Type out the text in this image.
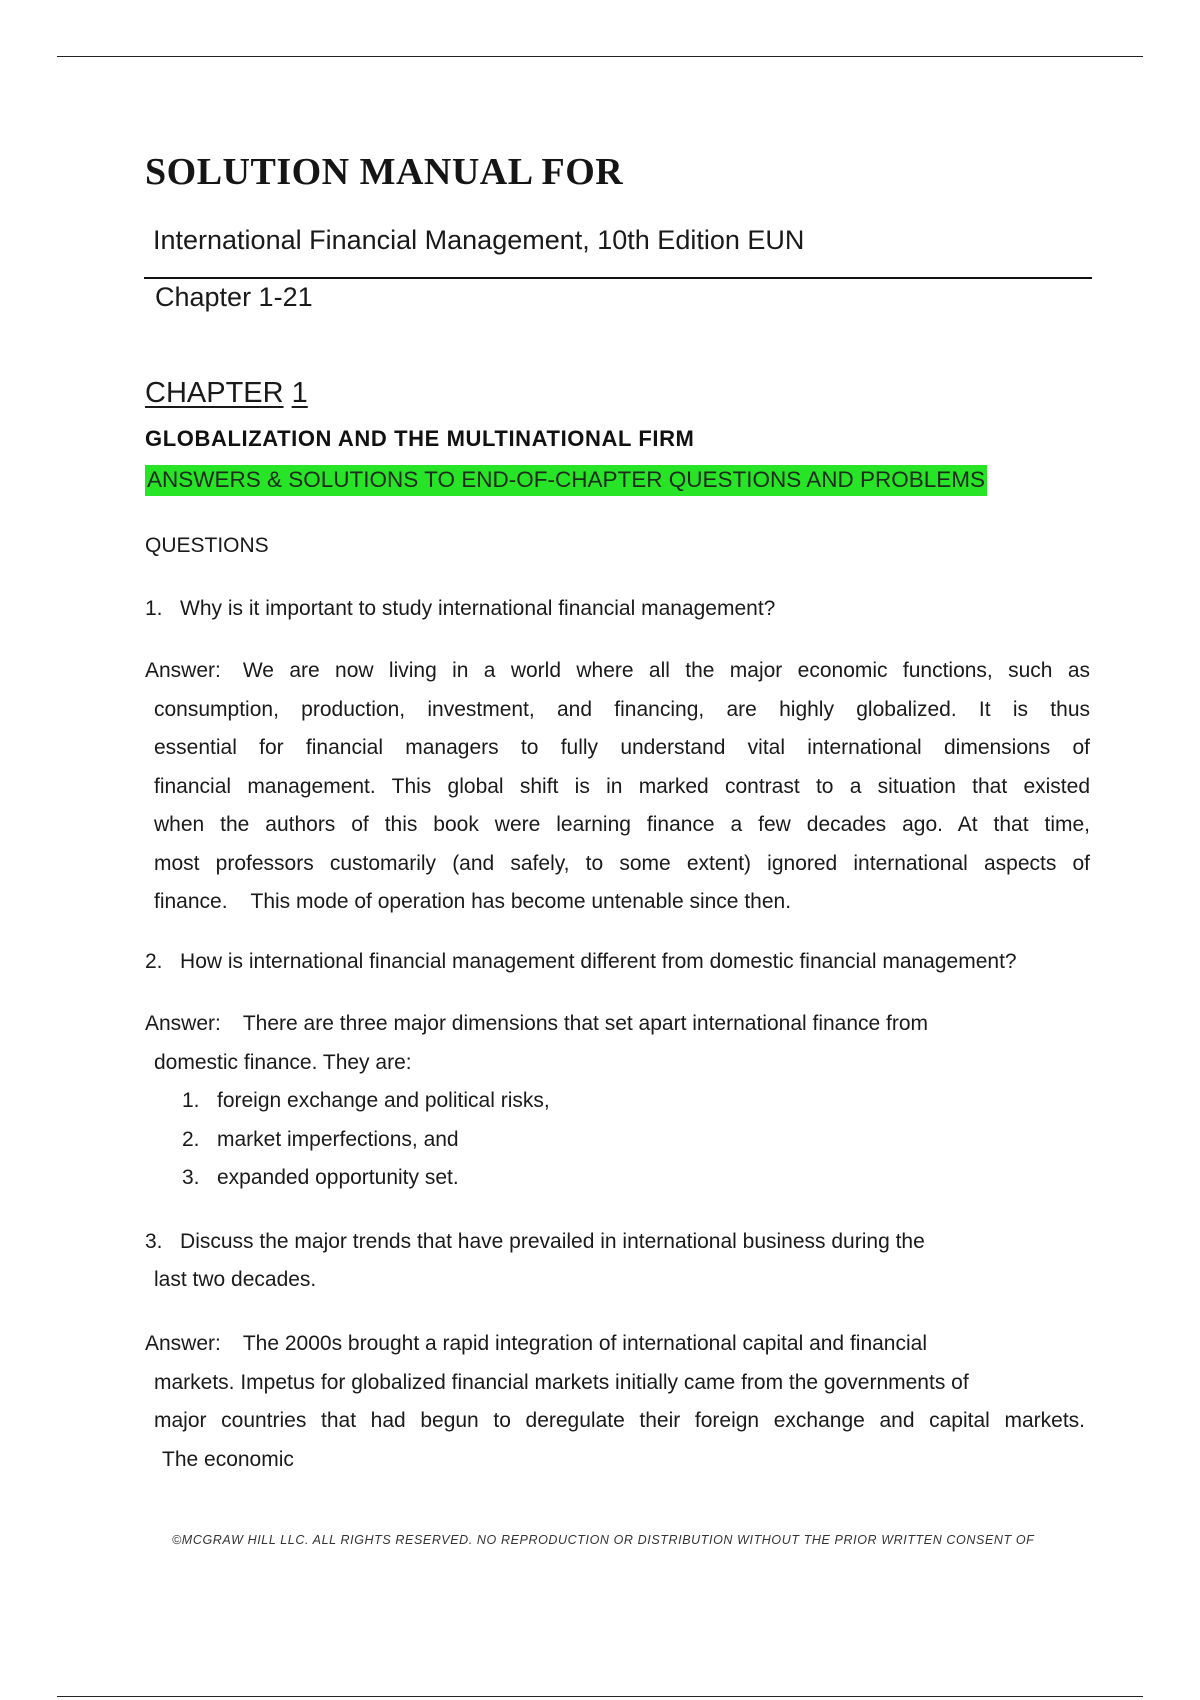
SOLUTION MANUAL FOR
International Financial Management, 10th Edition EUN
Chapter 1-21
CHAPTER 1
GLOBALIZATION AND THE MULTINATIONAL FIRM
ANSWERS & SOLUTIONS TO END-OF-CHAPTER QUESTIONS AND PROBLEMS
QUESTIONS
1. Why is it important to study international financial management?
Answer: We are now living in a world where all the major economic functions, such as
consumption, production, investment, and financing, are highly globalized. It is thus
essential for financial managers to fully understand vital international dimensions of
financial management. This global shift is in marked contrast to a situation that existed
when the authors of this book were learning finance a few decades ago. At that time,
most professors customarily (and safely, to some extent) ignored international aspects of
finance.    This mode of operation has become untenable since then.
2. How is international financial management different from domestic financial management?
Answer: There are three major dimensions that set apart international finance from
domestic finance. They are:
1. foreign exchange and political risks,
2. market imperfections, and
3. expanded opportunity set.
3. Discuss the major trends that have prevailed in international business during the
last two decades.
Answer: The 2000s brought a rapid integration of international capital and financial
markets. Impetus for globalized financial markets initially came from the governments of
major countries that had begun to deregulate their foreign exchange and capital markets.
The economic
©MCGRAW HILL LLC. ALL RIGHTS RESERVED. NO REPRODUCTION OR DISTRIBUTION WITHOUT THE PRIOR WRITTEN CONSENT OF
